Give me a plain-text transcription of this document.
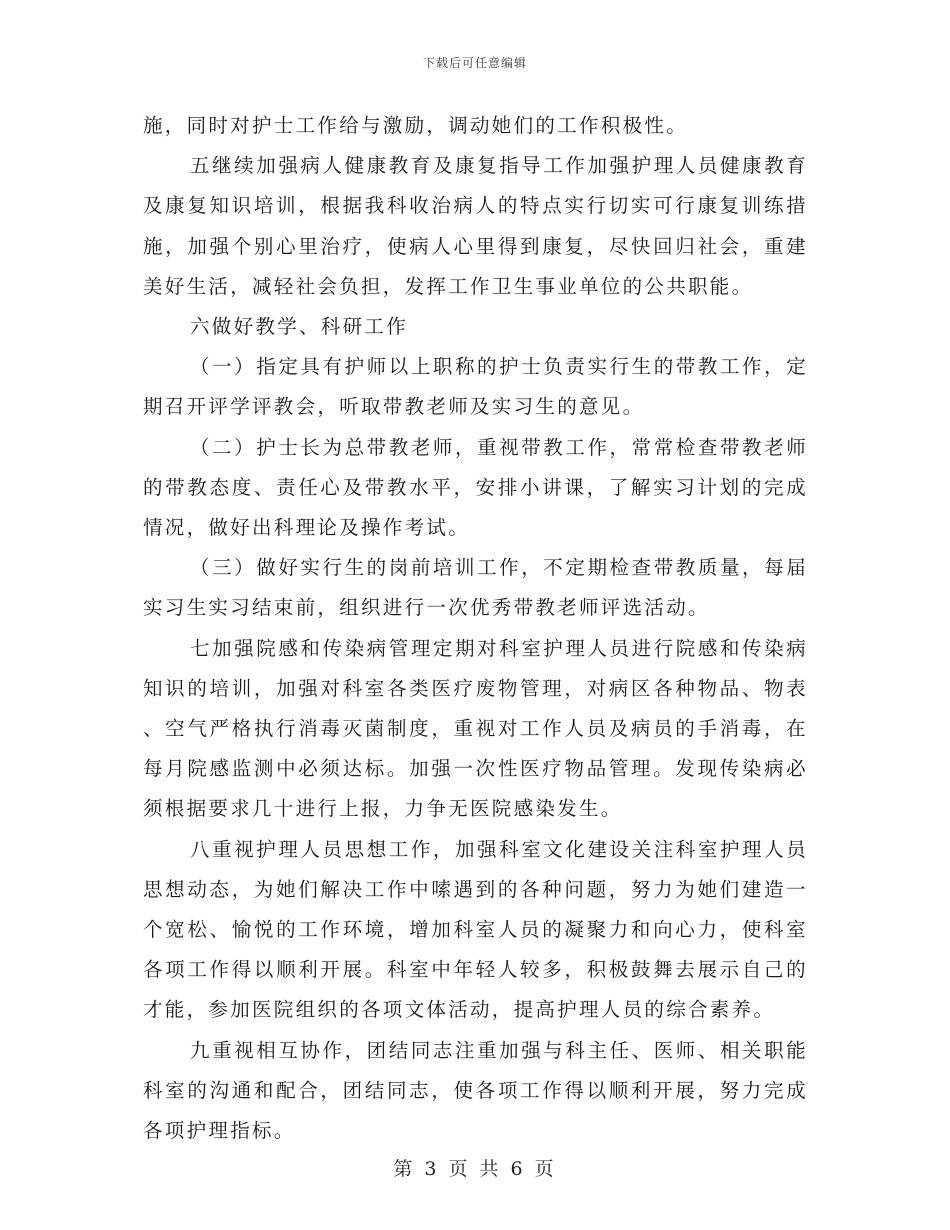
下载后可任意编辑

施，同时对护士工作给与激励，调动她们的工作积极性。

五继续加强病人健康教育及康复指导工作加强护理人员健康教育及康复知识培训，根据我科收治病人的特点实行切实可行康复训练措施，加强个别心里治疗，使病人心里得到康复，尽快回归社会，重建美好生活，减轻社会负担，发挥工作卫生事业单位的公共职能。

六做好教学、科研工作

（一）指定具有护师以上职称的护士负责实行生的带教工作，定期召开评学评教会，听取带教老师及实习生的意见。

（二）护士长为总带教老师，重视带教工作，常常检查带教老师的带教态度、责任心及带教水平，安排小讲课，了解实习计划的完成情况，做好出科理论及操作考试。

（三）做好实行生的岗前培训工作，不定期检查带教质量，每届实习生实习结束前，组织进行一次优秀带教老师评选活动。

七加强院感和传染病管理定期对科室护理人员进行院感和传染病知识的培训，加强对科室各类医疗废物管理，对病区各种物品、物表、空气严格执行消毒灭菌制度，重视对工作人员及病员的手消毒，在每月院感监测中必须达标。加强一次性医疗物品管理。发现传染病必须根据要求几十进行上报，力争无医院感染发生。

八重视护理人员思想工作，加强科室文化建设关注科室护理人员思想动态，为她们解决工作中嗦遇到的各种问题，努力为她们建造一个宽松、愉悦的工作环境，增加科室人员的凝聚力和向心力，使科室各项工作得以顺利开展。科室中年轻人较多，积极鼓舞去展示自己的才能，参加医院组织的各项文体活动，提高护理人员的综合素养。

九重视相互协作，团结同志注重加强与科主任、医师、相关职能科室的沟通和配合，团结同志，使各项工作得以顺利开展，努力完成各项护理指标。

第 3 页 共 6 页
